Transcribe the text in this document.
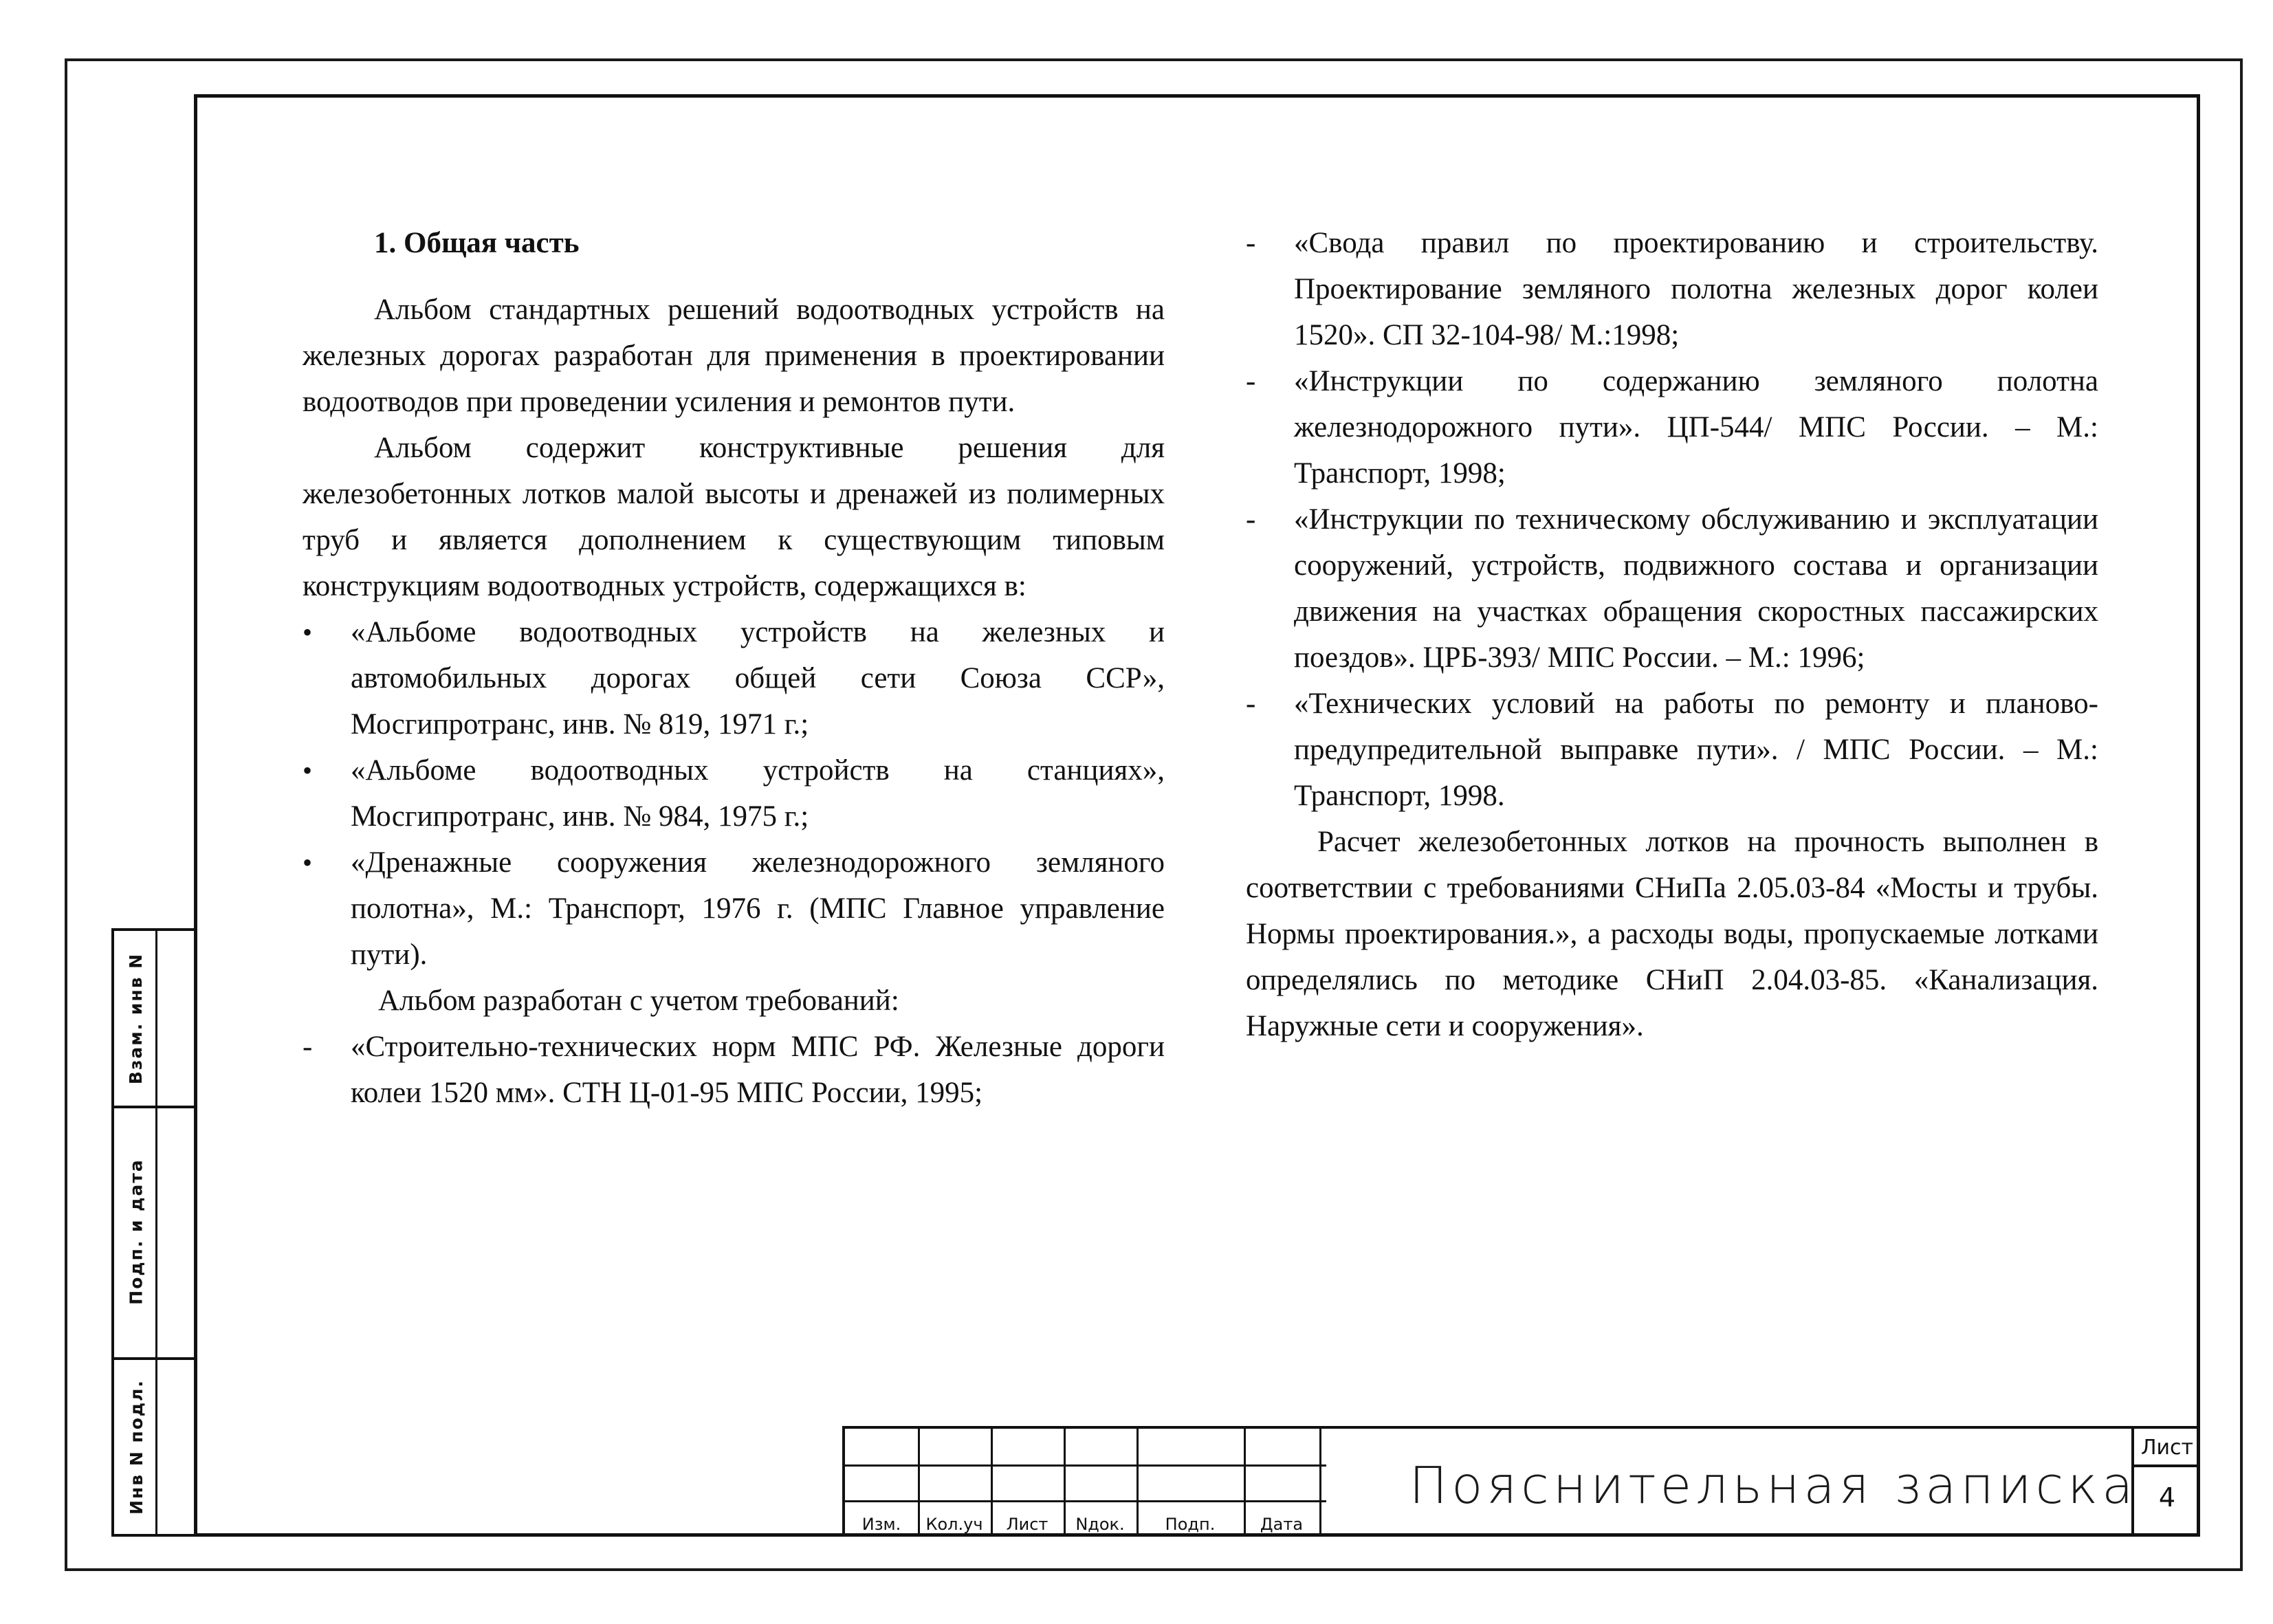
Взам. инв N
Подп. и дата
Инв N подл.
1. Общая часть

Альбом стандартных решений водоотводных устройств на железных дорогах разработан для применения в проектировании водоотводов при проведении усиления и ремонтов пути.

Альбом содержит конструктивные решения для железобетонных лотков малой высоты и дренажей из полимерных труб и является дополнением к существующим типовым конструкциям водоотводных устройств, содержащихся в:

•	«Альбоме водоотводных устройств на железных и автомобильных дорогах общей сети Союза ССР», Мосгипротранс, инв. № 819, 1971 г.;
•	«Альбоме водоотводных устройств на станциях», Мосгипротранс, инв. № 984, 1975 г.;
•	«Дренажные сооружения железнодорожного земляного полотна», М.: Транспорт, 1976 г. (МПС Главное управление пути).

Альбом разработан с учетом требований:

-	«Строительно-технических норм МПС РФ. Железные дороги колеи 1520 мм». СТН Ц-01-95 МПС России, 1995;
-	«Свода правил по проектированию и строительству. Проектирование земляного полотна железных дорог колеи 1520». СП 32-104-98/ М.:1998;
-	«Инструкции по содержанию земляного полотна железнодорожного пути». ЦП-544/ МПС России. – М.: Транспорт, 1998;
-	«Инструкции по техническому обслуживанию и эксплуатации сооружений, устройств, подвижного состава и организации движения на участках обращения скоростных пассажирских поездов». ЦРБ-393/ МПС России. – М.: 1996;
-	«Технических условий на работы по ремонту и планово-предупредительной выправке пути». / МПС России. – М.: Транспорт, 1998.

Расчет железобетонных лотков на прочность выполнен в соответствии с требованиями СНиПа 2.05.03-84 «Мосты и трубы. Нормы проектирования.», а расходы воды, пропускаемые лотками определялись по методике СНиП 2.04.03-85. «Канализация. Наружные сети и сооружения».

Изм.	Кол.уч	Лист	Nдок.	Подп.	Дата
Пояснительная записка
Лист
4
